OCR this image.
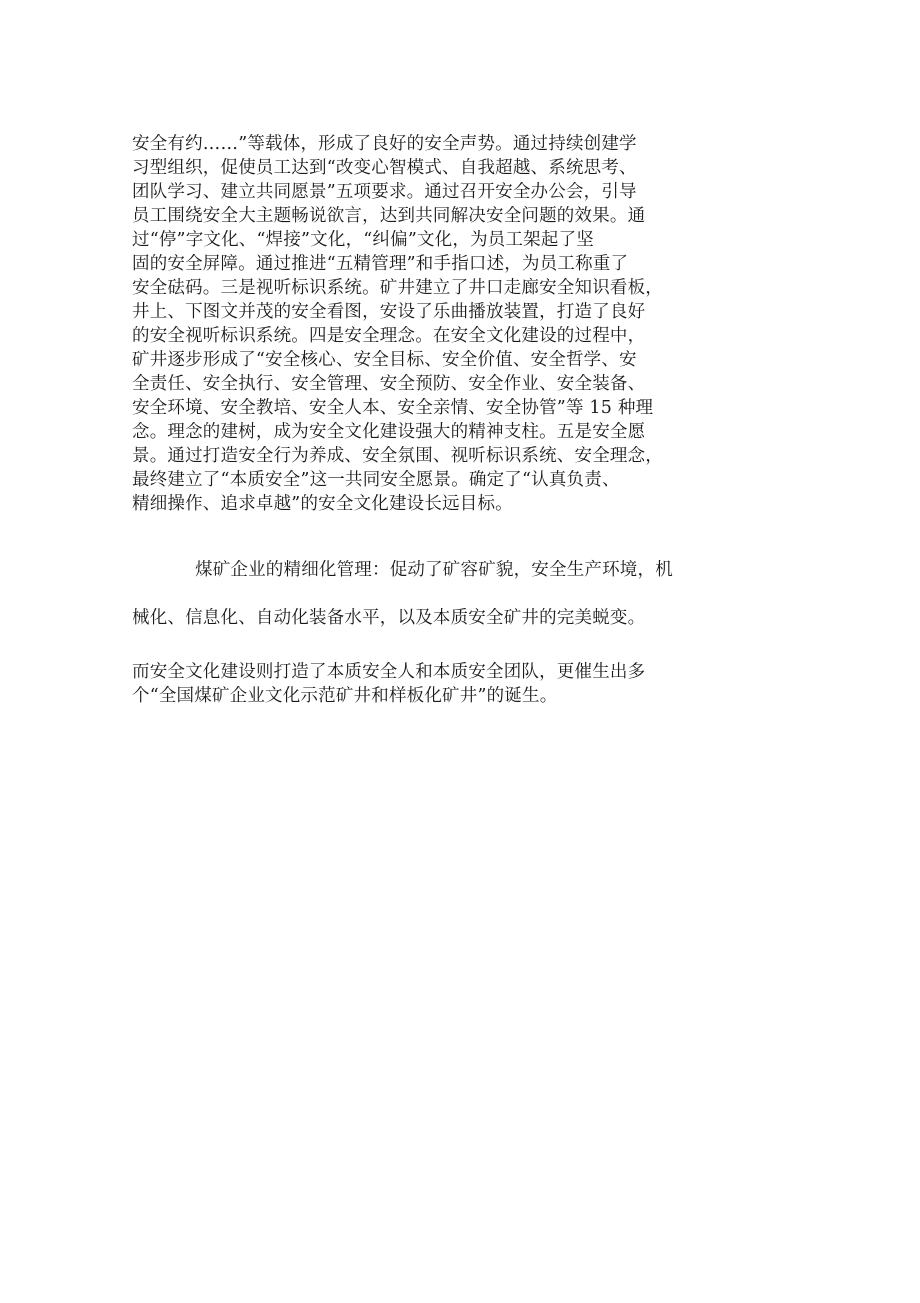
安全有约……”等载体，形成了良好的安全声势。通过持续创建学
习型组织，促使员工达到“改变心智模式、自我超越、系统思考、
团队学习、建立共同愿景”五项要求。通过召开安全办公会，引导
员工围绕安全大主题畅说欲言，达到共同解决安全问题的效果。通
过“停”字文化、“焊接”文化，“纠偏”文化，为员工架起了坚
固的安全屏障。通过推进“五精管理”和手指口述，为员工称重了
安全砝码。三是视听标识系统。矿井建立了井口走廊安全知识看板，
井上、下图文并茂的安全看图，安设了乐曲播放装置，打造了良好
的安全视听标识系统。四是安全理念。在安全文化建设的过程中，
矿井逐步形成了“安全核心、安全目标、安全价值、安全哲学、安
全责任、安全执行、安全管理、安全预防、安全作业、安全装备、
安全环境、安全教培、安全人本、安全亲情、安全协管”等 15 种理
念。理念的建树，成为安全文化建设强大的精神支柱。五是安全愿
景。通过打造安全行为养成、安全氛围、视听标识系统、安全理念，
最终建立了“本质安全”这一共同安全愿景。确定了“认真负责、
精细操作、追求卓越”的安全文化建设长远目标。
煤矿企业的精细化管理：促动了矿容矿貌，安全生产环境，机
械化、信息化、自动化装备水平，以及本质安全矿井的完美蜕变。
而安全文化建设则打造了本质安全人和本质安全团队，更催生出多
个“全国煤矿企业文化示范矿井和样板化矿井”的诞生。
